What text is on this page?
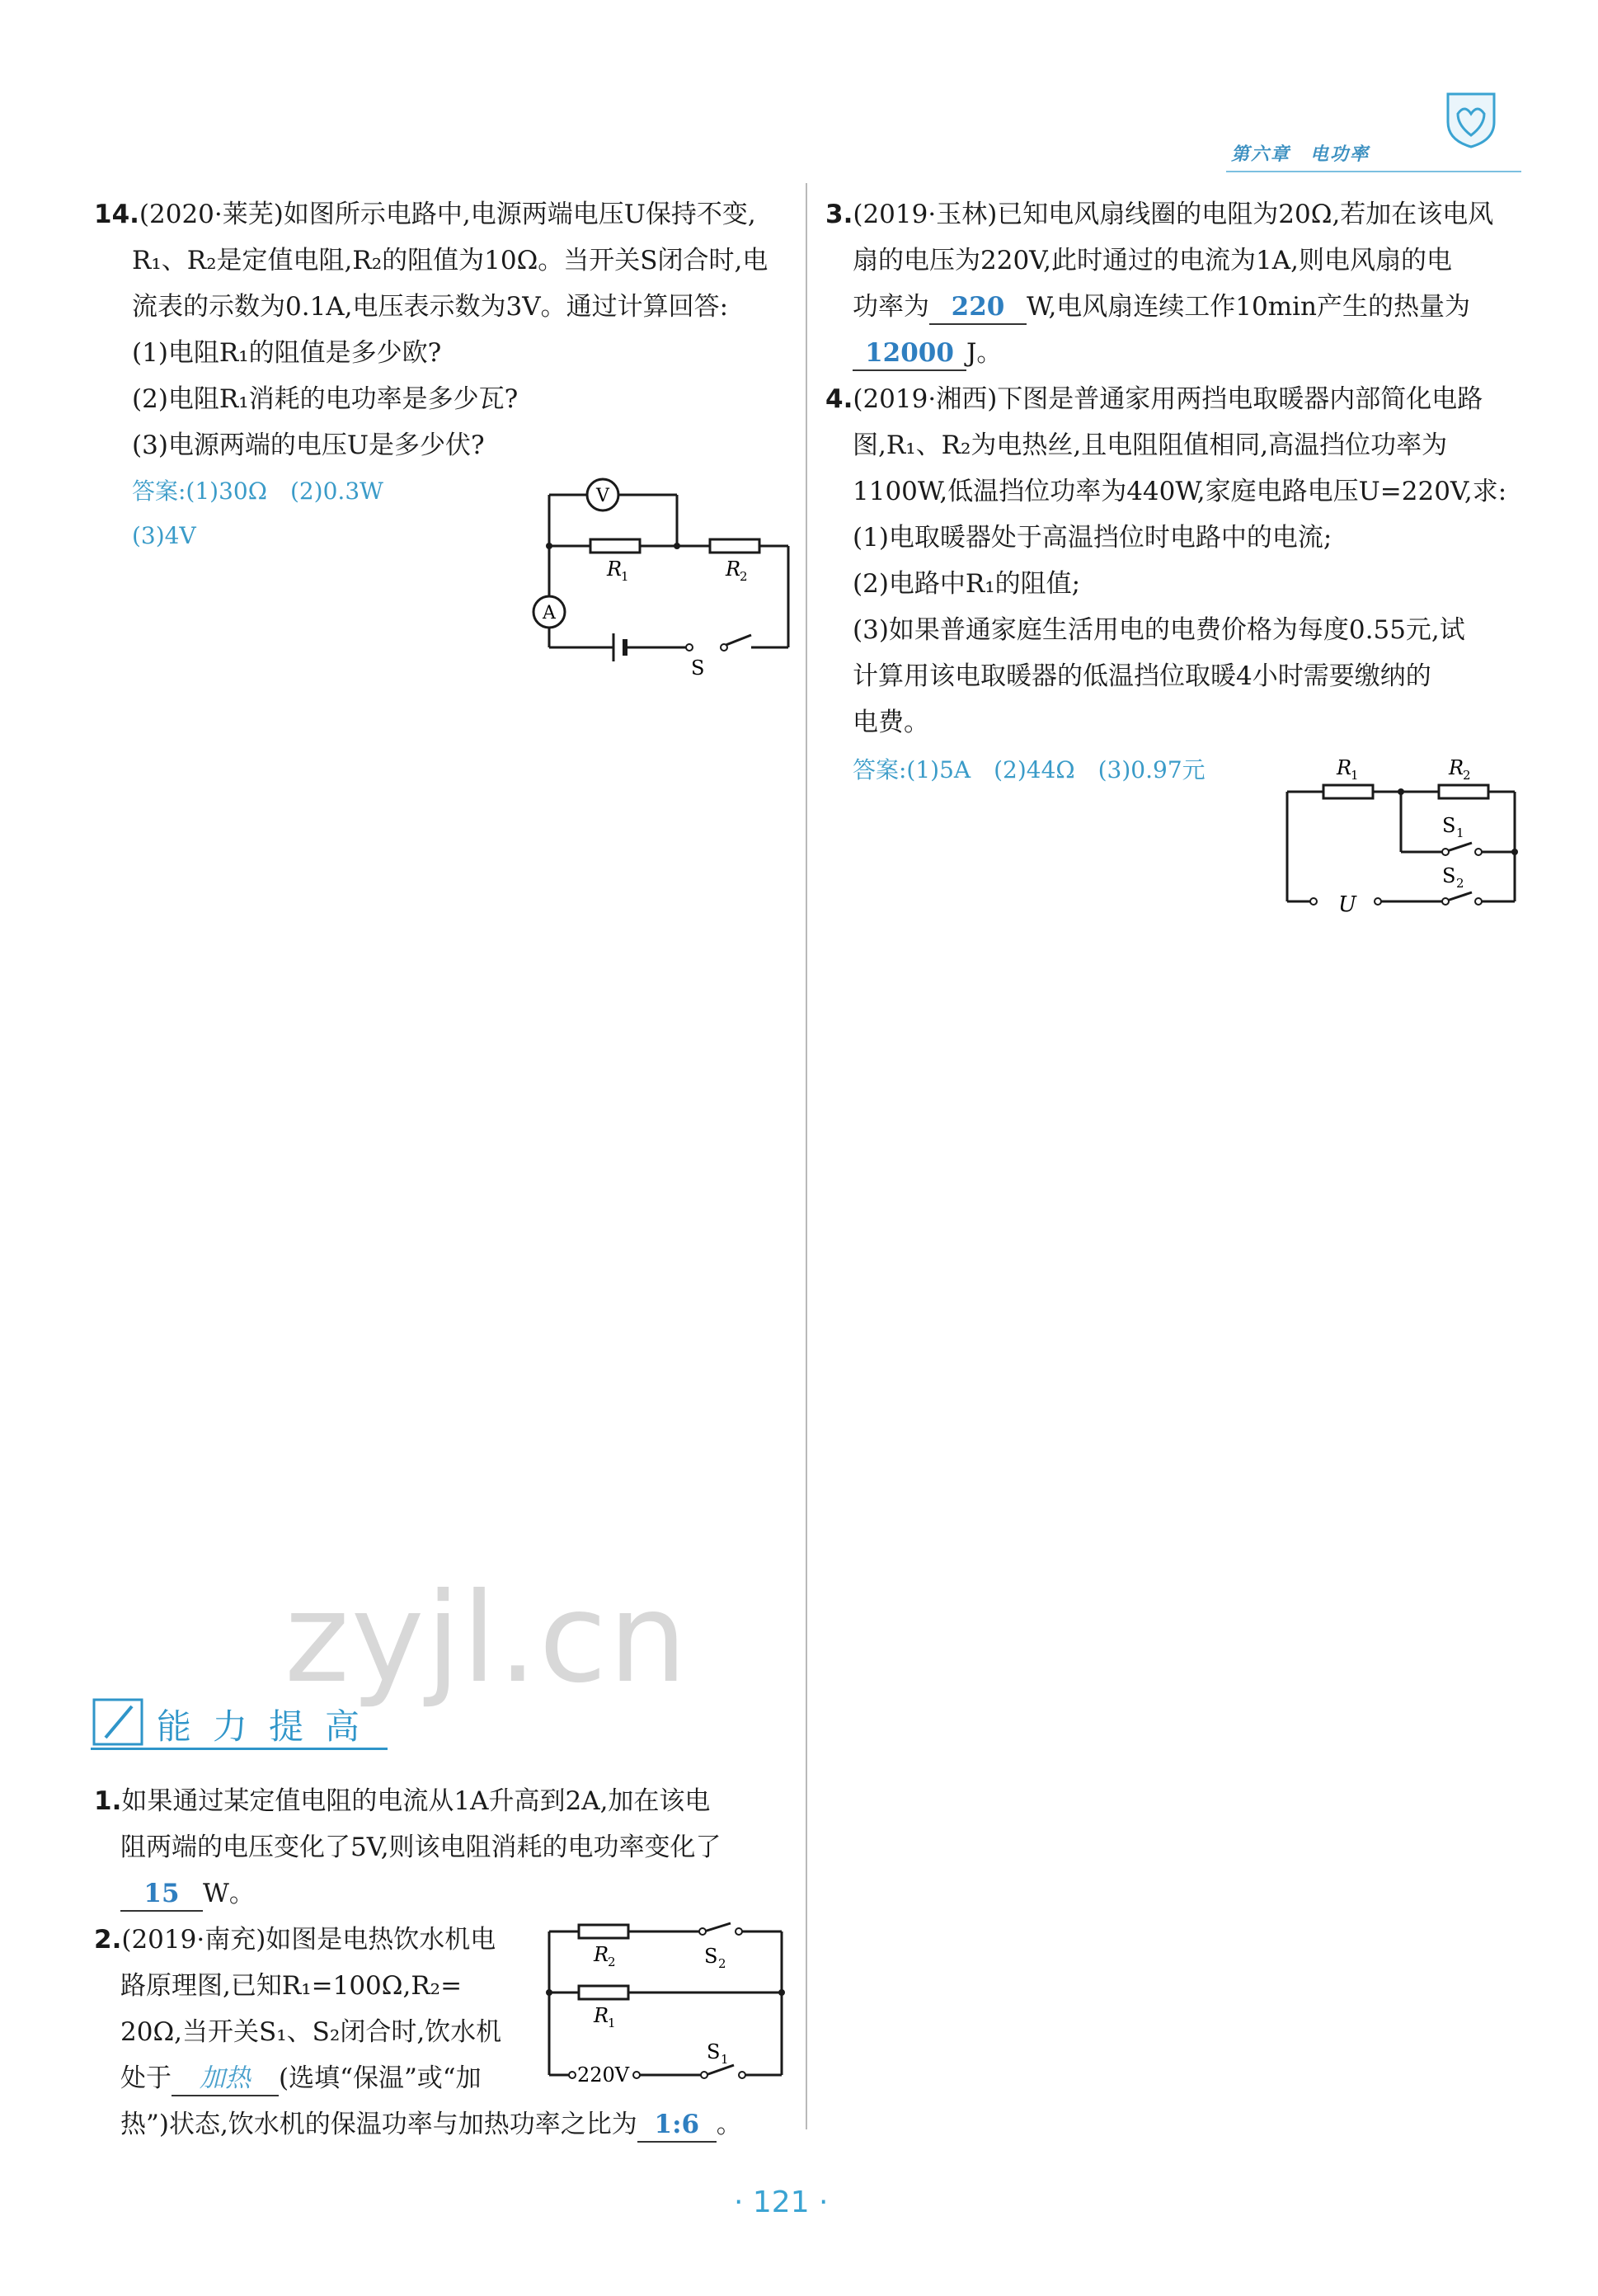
第六章　电功率
14.(2020·莱芜)如图所示电路中,电源两端电压U保持不变,
R₁、R₂是定值电阻,R₂的阻值为10Ω。当开关S闭合时,电
流表的示数为0.1A,电压表示数为3V。通过计算回答:
(1)电阻R₁的阻值是多少欧?
(2)电阻R₁消耗的电功率是多少瓦?
(3)电源两端的电压U是多少伏?
答案:(1)30Ω　(2)0.3W
(3)4V
V
A
R
1	R
2
S
3.(2019·玉林)已知电风扇线圈的电阻为20Ω,若加在该电风
扇的电压为220V,此时通过的电流为1A,则电风扇的电
功率为 220 W,电风扇连续工作10min产生的热量为
12000 J。
4.(2019·湘西)下图是普通家用两挡电取暖器内部简化电路
图,R₁、R₂为电热丝,且电阻阻值相同,高温挡位功率为
1100W,低温挡位功率为440W,家庭电路电压U=220V,求:
(1)电取暖器处于高温挡位时电路中的电流;
(2)电路中R₁的阻值;
(3)如果普通家庭生活用电的电费价格为每度0.55元,试
计算用该电取暖器的低温挡位取暖4小时需要缴纳的
电费。
答案:(1)5A　(2)44Ω　(3)0.97元	R
1	R
2
S 1
S 2
U
zyjl.cn
能力提高
1.如果通过某定值电阻的电流从1A升高到2A,加在该电
阻两端的电压变化了5V,则该电阻消耗的电功率变化了
15 W。
2.(2019·南充)如图是电热饮水机电
路原理图,已知R₁=100Ω,R₂=
20Ω,当开关S₁、S₂闭合时,饮水机
处于 加热 (选填“保温”或“加
热”)状态,饮水机的保温功率与加热功率之比为 1:6 。
R
2	S 2
R
1
S 1
220V
· 121 ·
